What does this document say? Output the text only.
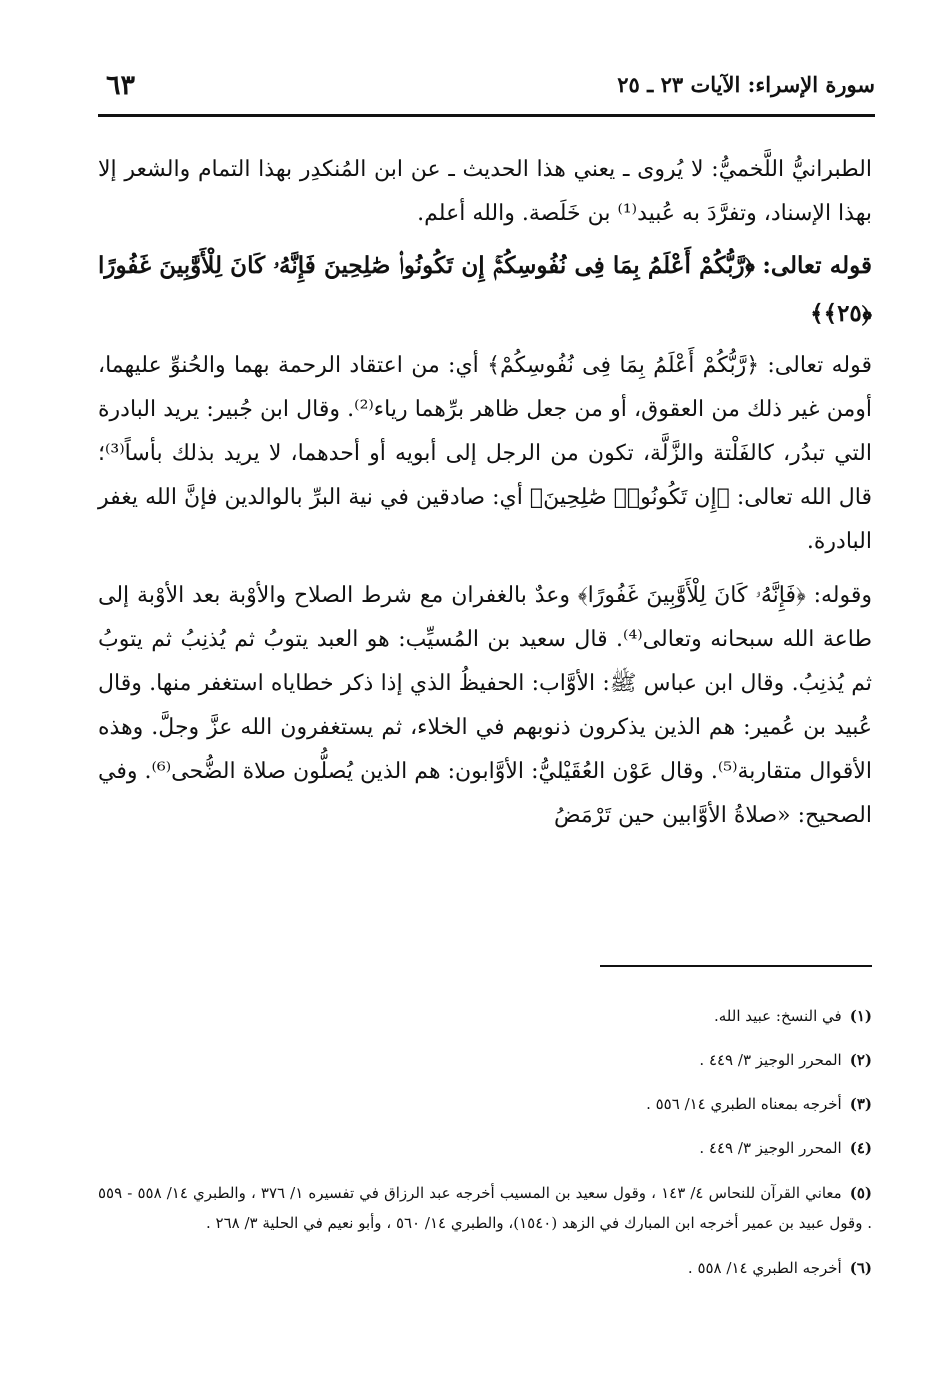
سورة الإسراء: الآيات ٢٣ ـ ٢٥
٦٣

الطبرانيُّ اللَّخميُّ: لا يُروى ـ يعني هذا الحديث ـ عن ابن المُنكدِر بهذا التمام والشعر إلا بهذا الإسناد، وتفرَّدَ به عُبيد⁽¹⁾ بن خَلَصة. والله أعلم.

قوله تعالى: ﴿رَّبُّكُمْ أَعْلَمُ بِمَا فِى نُفُوسِكُمْۚ إِن تَكُونُوا۟ صَٰلِحِينَ فَإِنَّهُۥ كَانَ لِلْأَوَّٰبِينَ غَفُورًا ﴿٢٥﴾﴾

قوله تعالى: ﴿رَّبُّكُمْ أَعْلَمُ بِمَا فِى نُفُوسِكُمْ﴾ أي: من اعتقاد الرحمة بهما والحُنوِّ عليهما، أومن غير ذلك من العقوق، أو من جعل ظاهر برِّهما رياء⁽²⁾. وقال ابن جُبير: يريد البادرة التي تبدُر، كالفَلْتة والزَّلَّة، تكون من الرجل إلى أبويه أو أحدهما، لا يريد بذلك بأساً⁽³⁾؛ قال الله تعالى: ﴿إِن تَكُونُوا۟ صَٰلِحِينَ﴾ أي: صادقين في نية البرِّ بالوالدين فإنَّ الله يغفر البادرة.

وقوله: ﴿فَإِنَّهُۥ كَانَ لِلْأَوَّٰبِينَ غَفُورًا﴾ وعدٌ بالغفران مع شرط الصلاح والأوْبة بعد الأوْبة إلى طاعة الله سبحانه وتعالى⁽⁴⁾. قال سعيد بن المُسيِّب: هو العبد يتوبُ ثم يُذنِبُ ثم يتوبُ ثم يُذنِبُ. وقال ابن عباس ﷺ: الأوَّاب: الحفيظُ الذي إذا ذكر خطاياه استغفر منها. وقال عُبيد بن عُمير: هم الذين يذكرون ذنوبهم في الخلاء، ثم يستغفرون الله عزَّ وجلَّ. وهذه الأقوال متقاربة⁽⁵⁾. وقال عَوْن العُقَيْليُّ: الأوَّابون: هم الذين يُصلُّون صلاة الضُّحى⁽⁶⁾. وفي الصحيح: «صلاةُ الأوَّابين حين تَرْمَضُ

(١)في النسخ: عبيد الله.

(٢)المحرر الوجيز ٣/ ٤٤٩ .

(٣)أخرجه بمعناه الطبري ١٤/ ٥٥٦ .

(٤)المحرر الوجيز ٣/ ٤٤٩ .

(٥)معاني القرآن للنحاس ٤/ ١٤٣ ، وقول سعيد بن المسيب أخرجه عبد الرزاق في تفسيره ١/ ٣٧٦ ، والطبري ١٤/ ٥٥٨ - ٥٥٩ . وقول عبيد بن عمير أخرجه ابن المبارك في الزهد (١٥٤٠)، والطبري ١٤/ ٥٦٠ ، وأبو نعيم في الحلية ٣/ ٢٦٨ .

(٦)أخرجه الطبري ١٤/ ٥٥٨ .
